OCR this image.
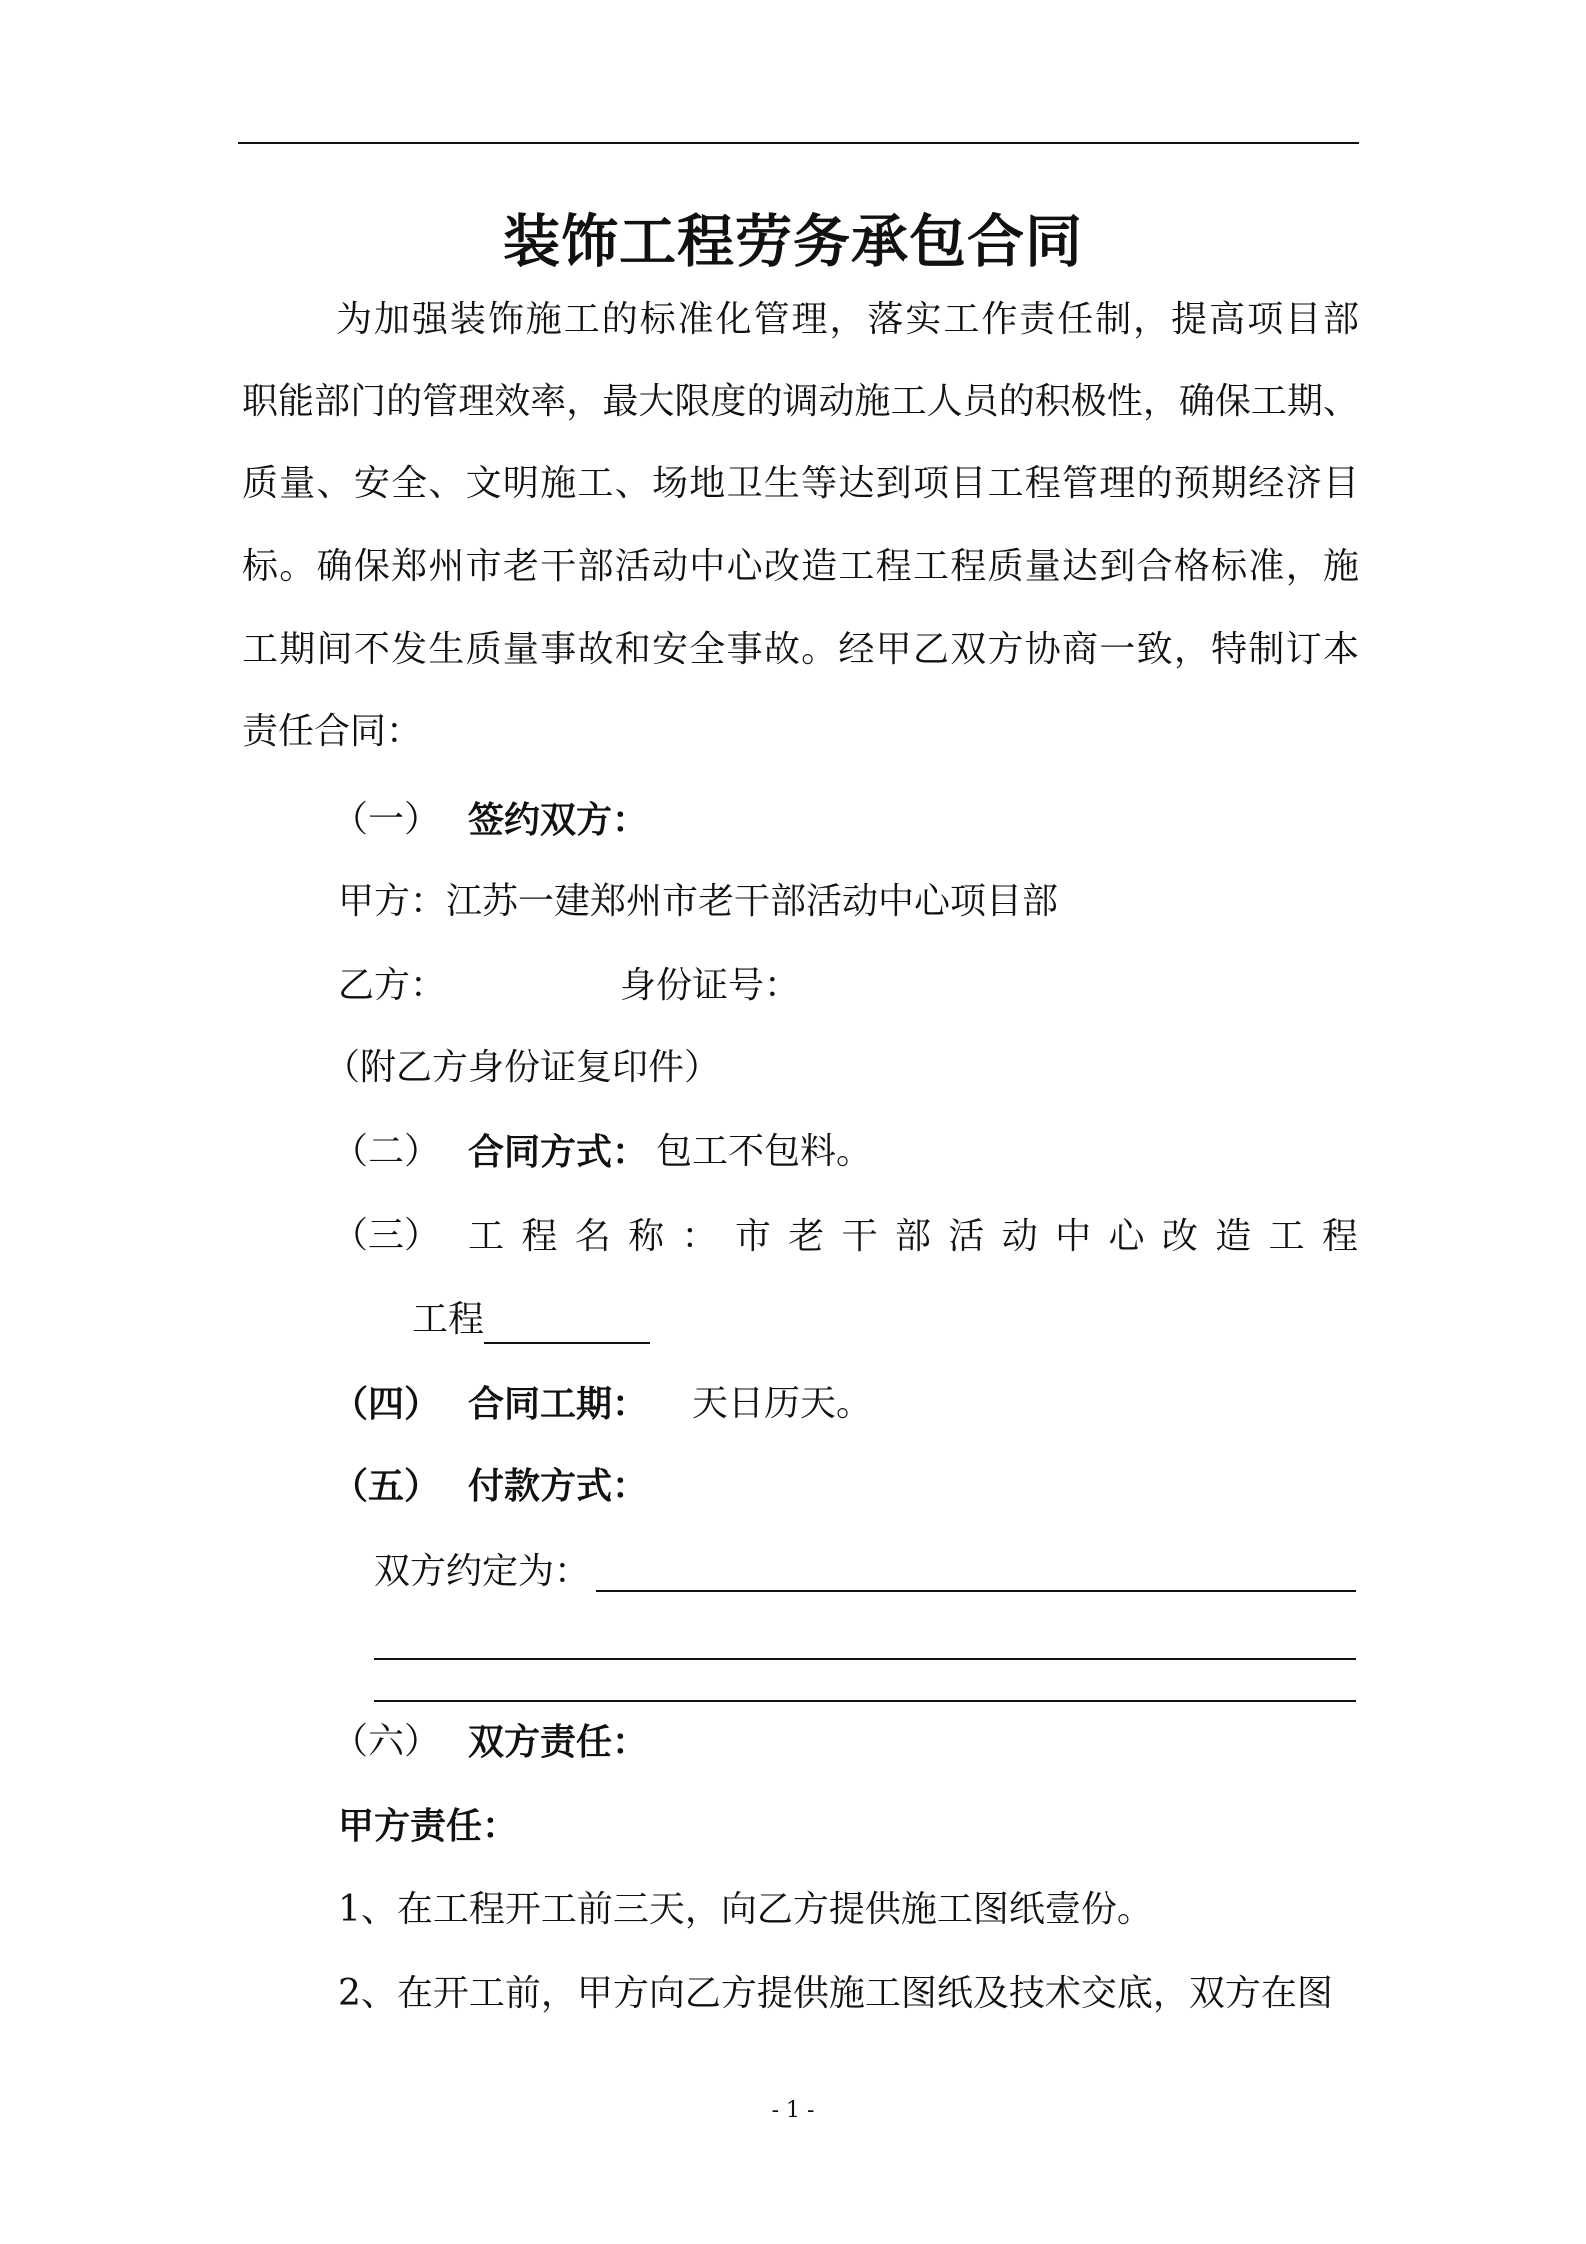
装饰工程劳务承包合同
为加强装饰施工的标准化管理，落实工作责任制，提高项目部
职能部门的管理效率，最大限度的调动施工人员的积极性，确保工期、
质量、安全、文明施工、场地卫生等达到项目工程管理的预期经济目
标。确保郑州市老干部活动中心改造工程工程质量达到合格标准，施
工期间不发生质量事故和安全事故。经甲乙双方协商一致，特制订本
责任合同：
（一） 签约双方：
甲方：江苏一建郑州市老干部活动中心项目部
乙方：	身份证号：
（附乙方身份证复印件）
（二） 合同方式： 包工不包料。
（三） 工程名称：市老干部活动中心改造工程
工程
（四） 合同工期： 天日历天。
（五） 付款方式：
双方约定为：
（六） 双方责任：
甲方责任：
1、在工程开工前三天，向乙方提供施工图纸壹份。
2、在开工前，甲方向乙方提供施工图纸及技术交底，双方在图
- 1 -
